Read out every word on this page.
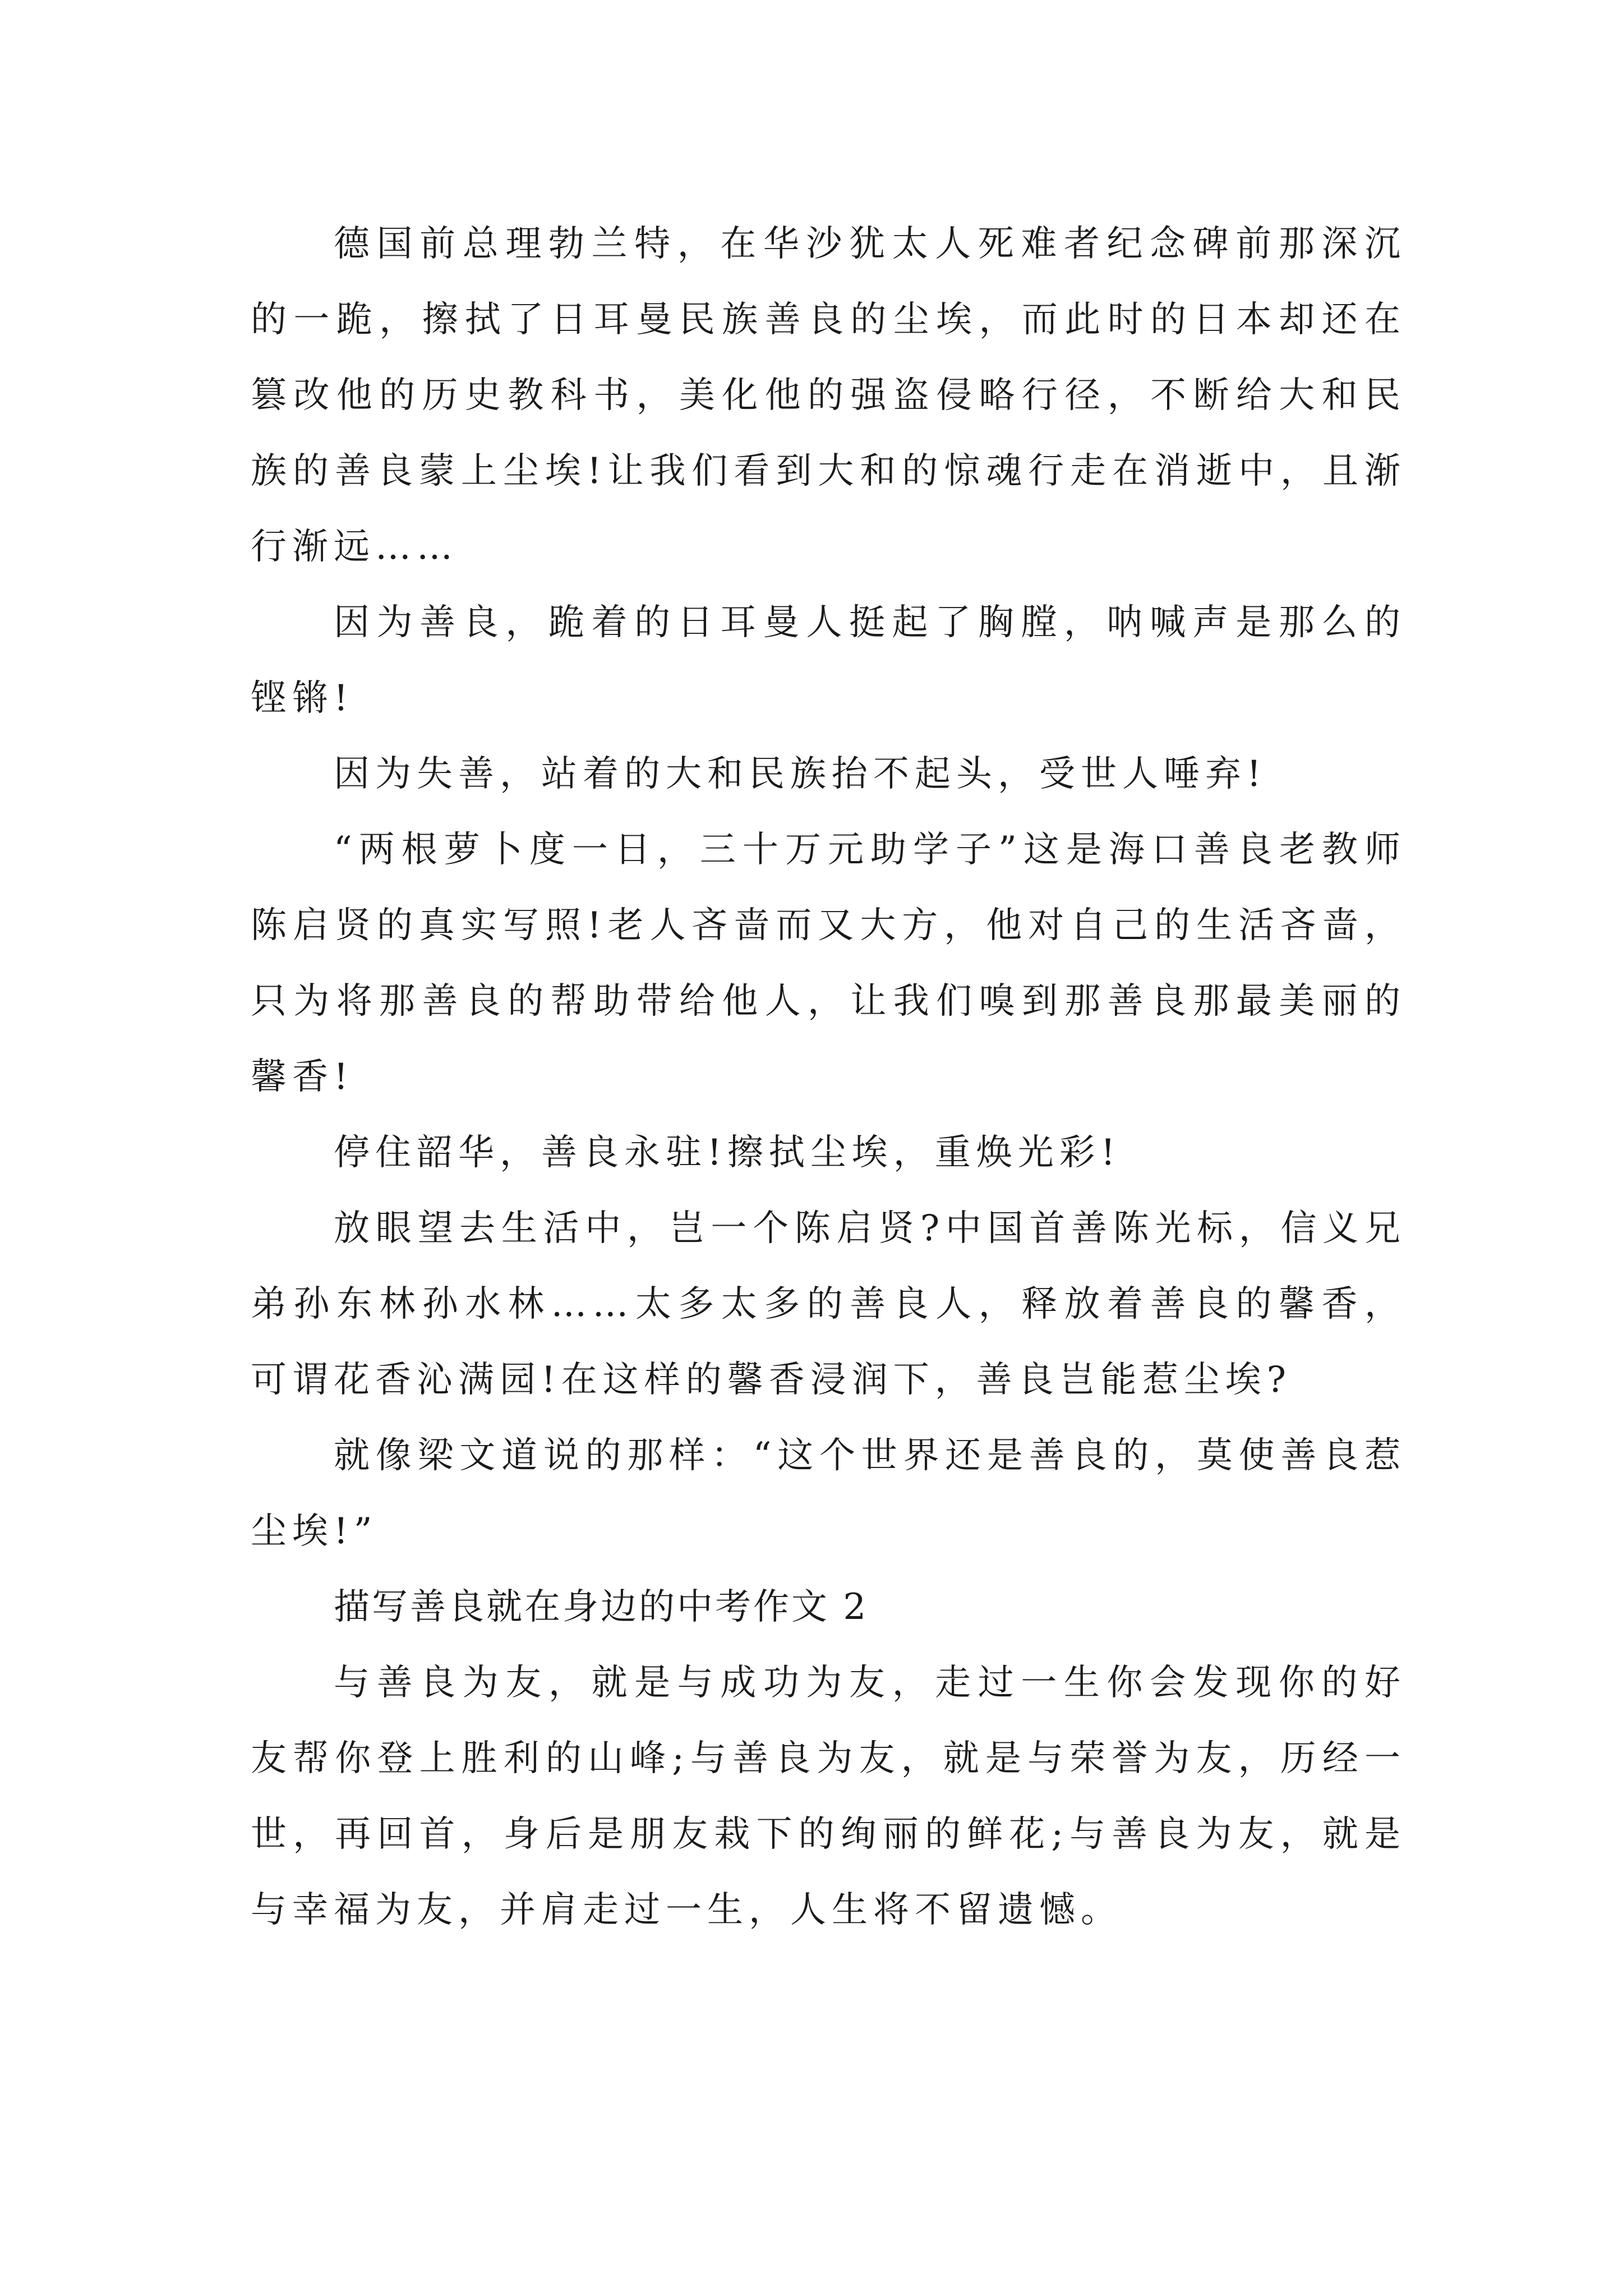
德国前总理勃兰特，在华沙犹太人死难者纪念碑前那深沉的一跪，擦拭了日耳曼民族善良的尘埃，而此时的日本却还在篡改他的历史教科书，美化他的强盗侵略行径，不断给大和民族的善良蒙上尘埃!让我们看到大和的惊魂行走在消逝中，且渐行渐远……

因为善良，跪着的日耳曼人挺起了胸膛，呐喊声是那么的铿锵!

因为失善，站着的大和民族抬不起头，受世人唾弃!

“两根萝卜度一日，三十万元助学子”这是海口善良老教师陈启贤的真实写照!老人吝啬而又大方，他对自己的生活吝啬，只为将那善良的帮助带给他人，让我们嗅到那善良那最美丽的馨香!

停住韶华，善良永驻!擦拭尘埃，重焕光彩!

放眼望去生活中，岂一个陈启贤?中国首善陈光标，信义兄弟孙东林孙水林……太多太多的善良人，释放着善良的馨香，可谓花香沁满园!在这样的馨香浸润下，善良岂能惹尘埃?

就像梁文道说的那样：“这个世界还是善良的，莫使善良惹尘埃!”

描写善良就在身边的中考作文 2

与善良为友，就是与成功为友，走过一生你会发现你的好友帮你登上胜利的山峰;与善良为友，就是与荣誉为友，历经一世，再回首，身后是朋友栽下的绚丽的鲜花;与善良为友，就是与幸福为友，并肩走过一生，人生将不留遗憾。
